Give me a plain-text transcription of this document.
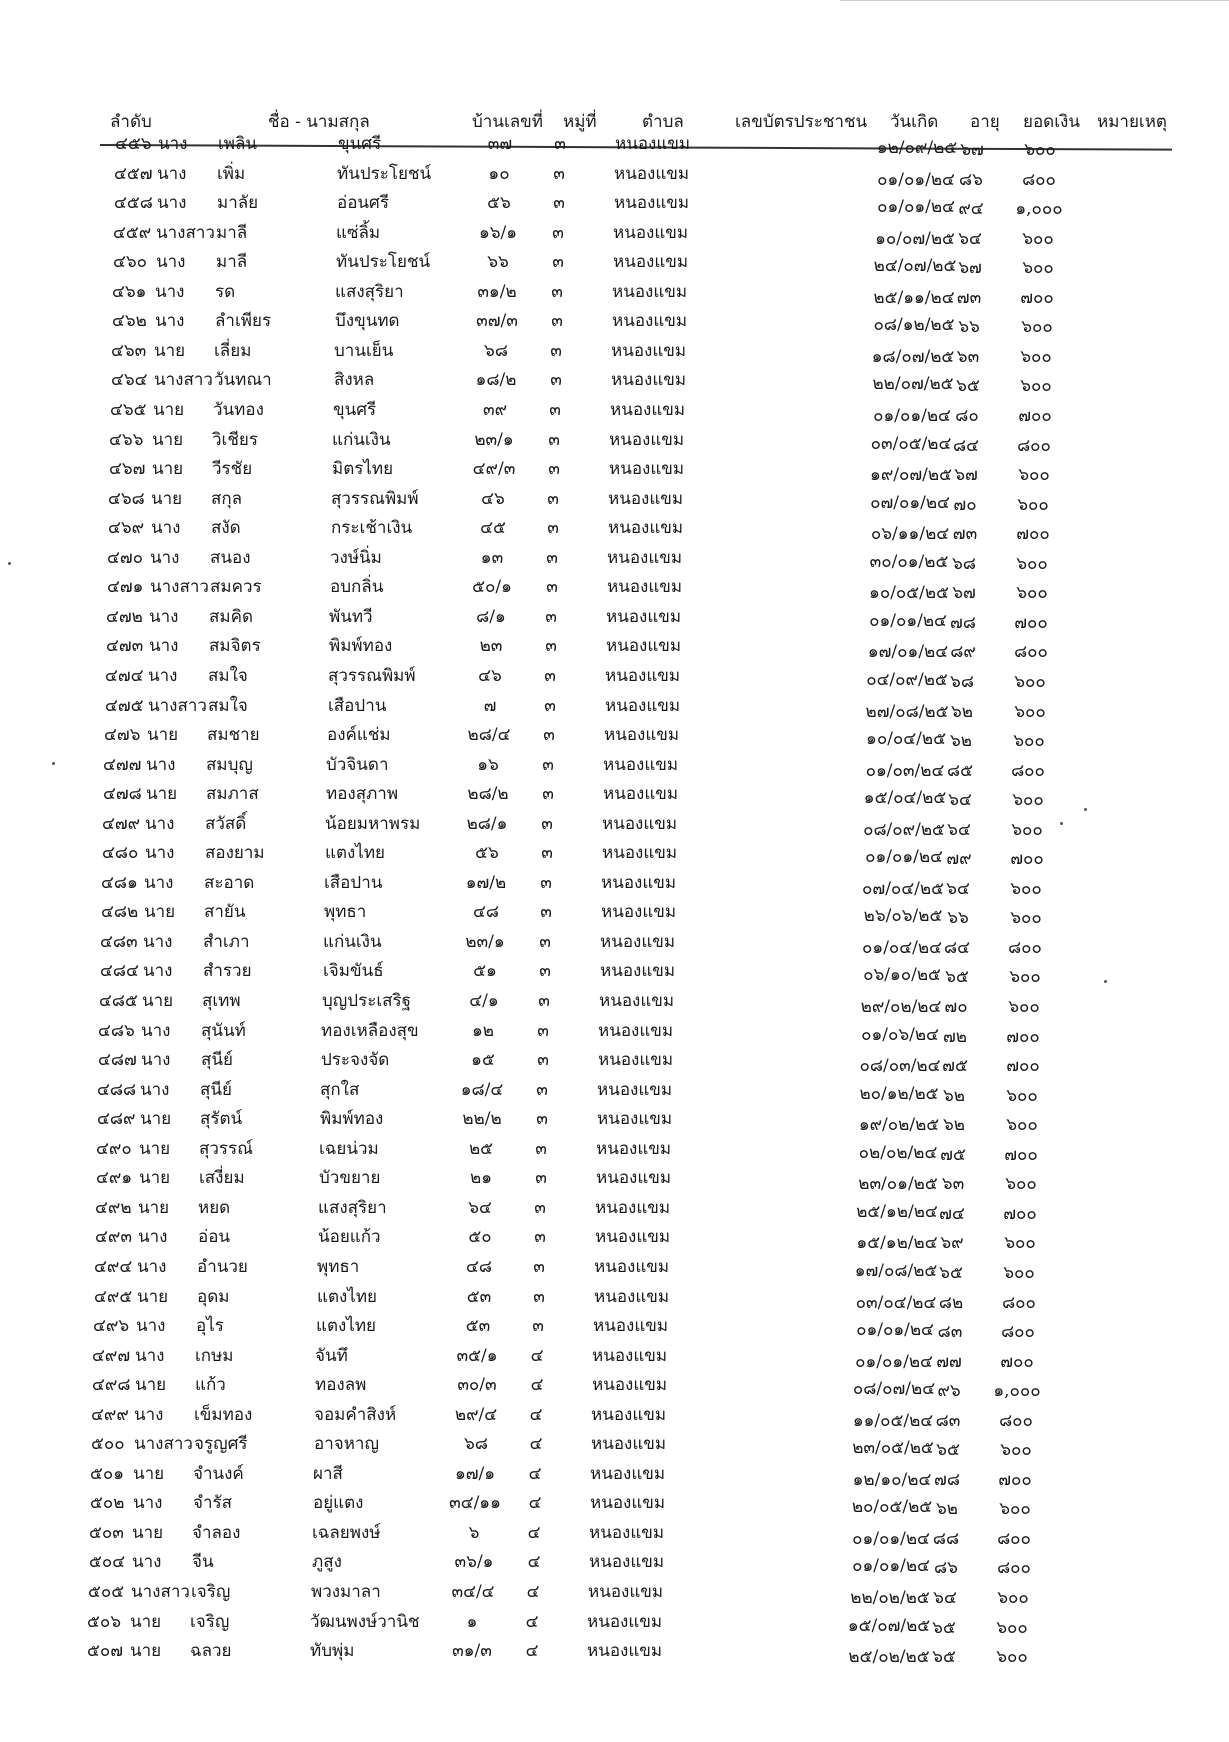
ลำดับ	ชื่อ - นามสกุล	บ้านเลขที่ หมู่ที่	ตำบล	เลขบัตรประชาชน วันเกิด อายุ ยอดเงิน หมายเหตุ
๔๕๖ นาง เพลิน	ขุนศรี	๓๗	๓	หนองแขม	๑๒/๐๙/๒๕ ๖๗	๖๐๐
๔๕๗ นาง เพิ่ม	ทันประโยชน์	๑๐	๓	หนองแขม	๐๑/๐๑/๒๔ ๘๖	๘๐๐
๔๕๘ นาง มาลัย	อ่อนศรี	๕๖	๓	หนองแขม	๐๑/๐๑/๒๔ ๙๔	๑,๐๐๐
๔๕๙ นางสาว มาลี	แซ่ลิ้ม	๑๖/๑	๓	หนองแขม	๑๐/๐๗/๒๕ ๖๔	๖๐๐
๔๖๐ นาง มาลี	ทันประโยชน์	๖๖	๓	หนองแขม	๒๔/๐๗/๒๕ ๖๗	๖๐๐
๔๖๑ นาง รด	แสงสุริยา	๓๑/๒	๓	หนองแขม	๒๕/๑๑/๒๔ ๗๓	๗๐๐
๔๖๒ นาง ลำเพียร	บึงขุนทด	๓๗/๓	๓	หนองแขม	๐๘/๑๒/๒๕ ๖๖	๖๐๐
๔๖๓ นาย เลี่ยม	บานเย็น	๖๘	๓	หนองแขม	๑๘/๐๗/๒๕ ๖๓	๖๐๐
๔๖๔ นางสาว วันทณา	สิงหล	๑๘/๒	๓	หนองแขม	๒๒/๐๗/๒๕ ๖๕	๖๐๐
๔๖๕ นาย วันทอง	ขุนศรี	๓๙	๓	หนองแขม	๐๑/๐๑/๒๔ ๘๐	๗๐๐
๔๖๖ นาย วิเชียร	แก่นเงิน	๒๓/๑	๓	หนองแขม	๐๓/๐๕/๒๔ ๘๔	๘๐๐
๔๖๗ นาย วีรชัย	มิตรไทย	๔๙/๓	๓	หนองแขม	๑๙/๐๗/๒๕ ๖๗	๖๐๐
๔๖๘ นาย สกุล	สุวรรณพิมพ์	๔๖	๓	หนองแขม	๐๗/๐๑/๒๔ ๗๐	๖๐๐
๔๖๙ นาง สงัด	กระเช้าเงิน	๔๕	๓	หนองแขม	๐๖/๑๑/๒๔ ๗๓	๗๐๐
๔๗๐ นาง สนอง	วงษ์นิ่ม	๑๓	๓	หนองแขม	๓๐/๐๑/๒๕ ๖๘	๖๐๐
๔๗๑ นางสาว สมควร	อบกลิ่น	๕๐/๑	๓	หนองแขม	๑๐/๐๕/๒๕ ๖๗	๖๐๐
๔๗๒ นาง สมคิด	พันทวี	๘/๑	๓	หนองแขม	๐๑/๐๑/๒๔ ๗๘	๗๐๐
๔๗๓ นาง สมจิตร	พิมพ์ทอง	๒๓	๓	หนองแขม	๑๗/๐๑/๒๔ ๘๙	๘๐๐
๔๗๔ นาง สมใจ	สุวรรณพิมพ์	๔๖	๓	หนองแขม	๐๔/๐๙/๒๕ ๖๘	๖๐๐
๔๗๕ นางสาว สมใจ	เสือปาน	๗	๓	หนองแขม	๒๗/๐๘/๒๕ ๖๒	๖๐๐
๔๗๖ นาย สมชาย	องค์แช่ม	๒๘/๔	๓	หนองแขม	๑๐/๐๔/๒๕ ๖๒	๖๐๐
๔๗๗ นาง สมบุญ	บัวจินดา	๑๖	๓	หนองแขม	๐๑/๐๓/๒๔ ๘๕	๘๐๐
๔๗๘ นาย สมภาส	ทองสุภาพ	๒๘/๒	๓	หนองแขม	๑๕/๐๔/๒๕ ๖๔	๖๐๐
๔๗๙ นาง สวัสดิ์	น้อยมหาพรม	๒๘/๑	๓	หนองแขม	๐๘/๐๙/๒๕ ๖๔	๖๐๐
๔๘๐ นาง สองยาม	แตงไทย	๕๖	๓	หนองแขม	๐๑/๐๑/๒๔ ๗๙	๗๐๐
๔๘๑ นาง สะอาด	เสือปาน	๑๗/๒	๓	หนองแขม	๐๗/๐๔/๒๕ ๖๔	๖๐๐
๔๘๒ นาย สายัน	พุทธา	๔๘	๓	หนองแขม	๒๖/๐๖/๒๕ ๖๖	๖๐๐
๔๘๓ นาง สำเภา	แก่นเงิน	๒๓/๑	๓	หนองแขม	๐๑/๐๔/๒๔ ๘๔	๘๐๐
๔๘๔ นาง สำรวย	เจิมขันธ์	๕๑	๓	หนองแขม	๐๖/๑๐/๒๕ ๖๕	๖๐๐
๔๘๕ นาย สุเทพ	บุญประเสริฐ	๔/๑	๓	หนองแขม	๒๙/๐๒/๒๔ ๗๐	๖๐๐
๔๘๖ นาง สุนันท์	ทองเหลืองสุข	๑๒	๓	หนองแขม	๐๑/๐๖/๒๔ ๗๒	๗๐๐
๔๘๗ นาง สุนีย์	ประจงจัด	๑๕	๓	หนองแขม	๐๘/๐๓/๒๔ ๗๕	๗๐๐
๔๘๘ นาง สุนีย์	สุกใส	๑๘/๔	๓	หนองแขม	๒๐/๑๒/๒๕ ๖๒	๖๐๐
๔๘๙ นาย สุรัตน์	พิมพ์ทอง	๒๒/๒	๓	หนองแขม	๑๙/๐๒/๒๕ ๖๒	๖๐๐
๔๙๐ นาย สุวรรณ์	เฉยน่วม	๒๕	๓	หนองแขม	๐๒/๐๒/๒๔ ๗๕	๗๐๐
๔๙๑ นาย เสงี่ยม	บัวขยาย	๒๑	๓	หนองแขม	๒๓/๐๑/๒๕ ๖๓	๖๐๐
๔๙๒ นาย หยด	แสงสุริยา	๖๔	๓	หนองแขม	๒๕/๑๒/๒๔ ๗๔	๗๐๐
๔๙๓ นาง อ่อน	น้อยแก้ว	๕๐	๓	หนองแขม	๑๕/๑๒/๒๔ ๖๙	๖๐๐
๔๙๔ นาง อำนวย	พุทธา	๔๘	๓	หนองแขม	๑๗/๐๘/๒๕ ๖๕	๖๐๐
๔๙๕ นาย อุดม	แตงไทย	๕๓	๓	หนองแขม	๐๓/๐๔/๒๔ ๘๒	๘๐๐
๔๙๖ นาง อุไร	แตงไทย	๕๓	๓	หนองแขม	๐๑/๐๑/๒๔ ๘๓	๘๐๐
๔๙๗ นาง เกษม	จันทึ	๓๕/๑	๔	หนองแขม	๐๑/๐๑/๒๔ ๗๗	๗๐๐
๔๙๘ นาย แก้ว	ทองลพ	๓๐/๓	๔	หนองแขม	๐๘/๐๗/๒๔ ๙๖	๑,๐๐๐
๔๙๙ นาง เข็มทอง	จอมคำสิงห์	๒๙/๔	๔	หนองแขม	๑๑/๐๕/๒๔ ๘๓	๘๐๐
๕๐๐ นางสาว จรูญศรี	อาจหาญ	๖๘	๔	หนองแขม	๒๓/๐๕/๒๕ ๖๕	๖๐๐
๕๐๑ นาย จำนงค์	ผาสี	๑๗/๑	๔	หนองแขม	๑๒/๑๐/๒๔ ๗๘	๗๐๐
๕๐๒ นาง จำรัส	อยู่แตง	๓๔/๑๑	๔	หนองแขม	๒๐/๐๕/๒๕ ๖๒	๖๐๐
๕๐๓ นาย จำลอง	เฉลยพงษ์	๖	๔	หนองแขม	๐๑/๐๑/๒๔ ๘๘	๘๐๐
๕๐๔ นาง จีน	ภูสูง	๓๖/๑	๔	หนองแขม	๐๑/๐๑/๒๔ ๘๖	๘๐๐
๕๐๕ นางสาว เจริญ	พวงมาลา	๓๔/๔	๔	หนองแขม	๒๒/๐๒/๒๕ ๖๔	๖๐๐
๕๐๖ นาย เจริญ	วัฒนพงษ์วานิช	๑	๔	หนองแขม	๑๕/๐๗/๒๕ ๖๕	๖๐๐
๕๐๗ นาย ฉลวย	ทับพุ่ม	๓๑/๓	๔	หนองแขม	๒๕/๐๒/๒๕ ๖๕	๖๐๐
